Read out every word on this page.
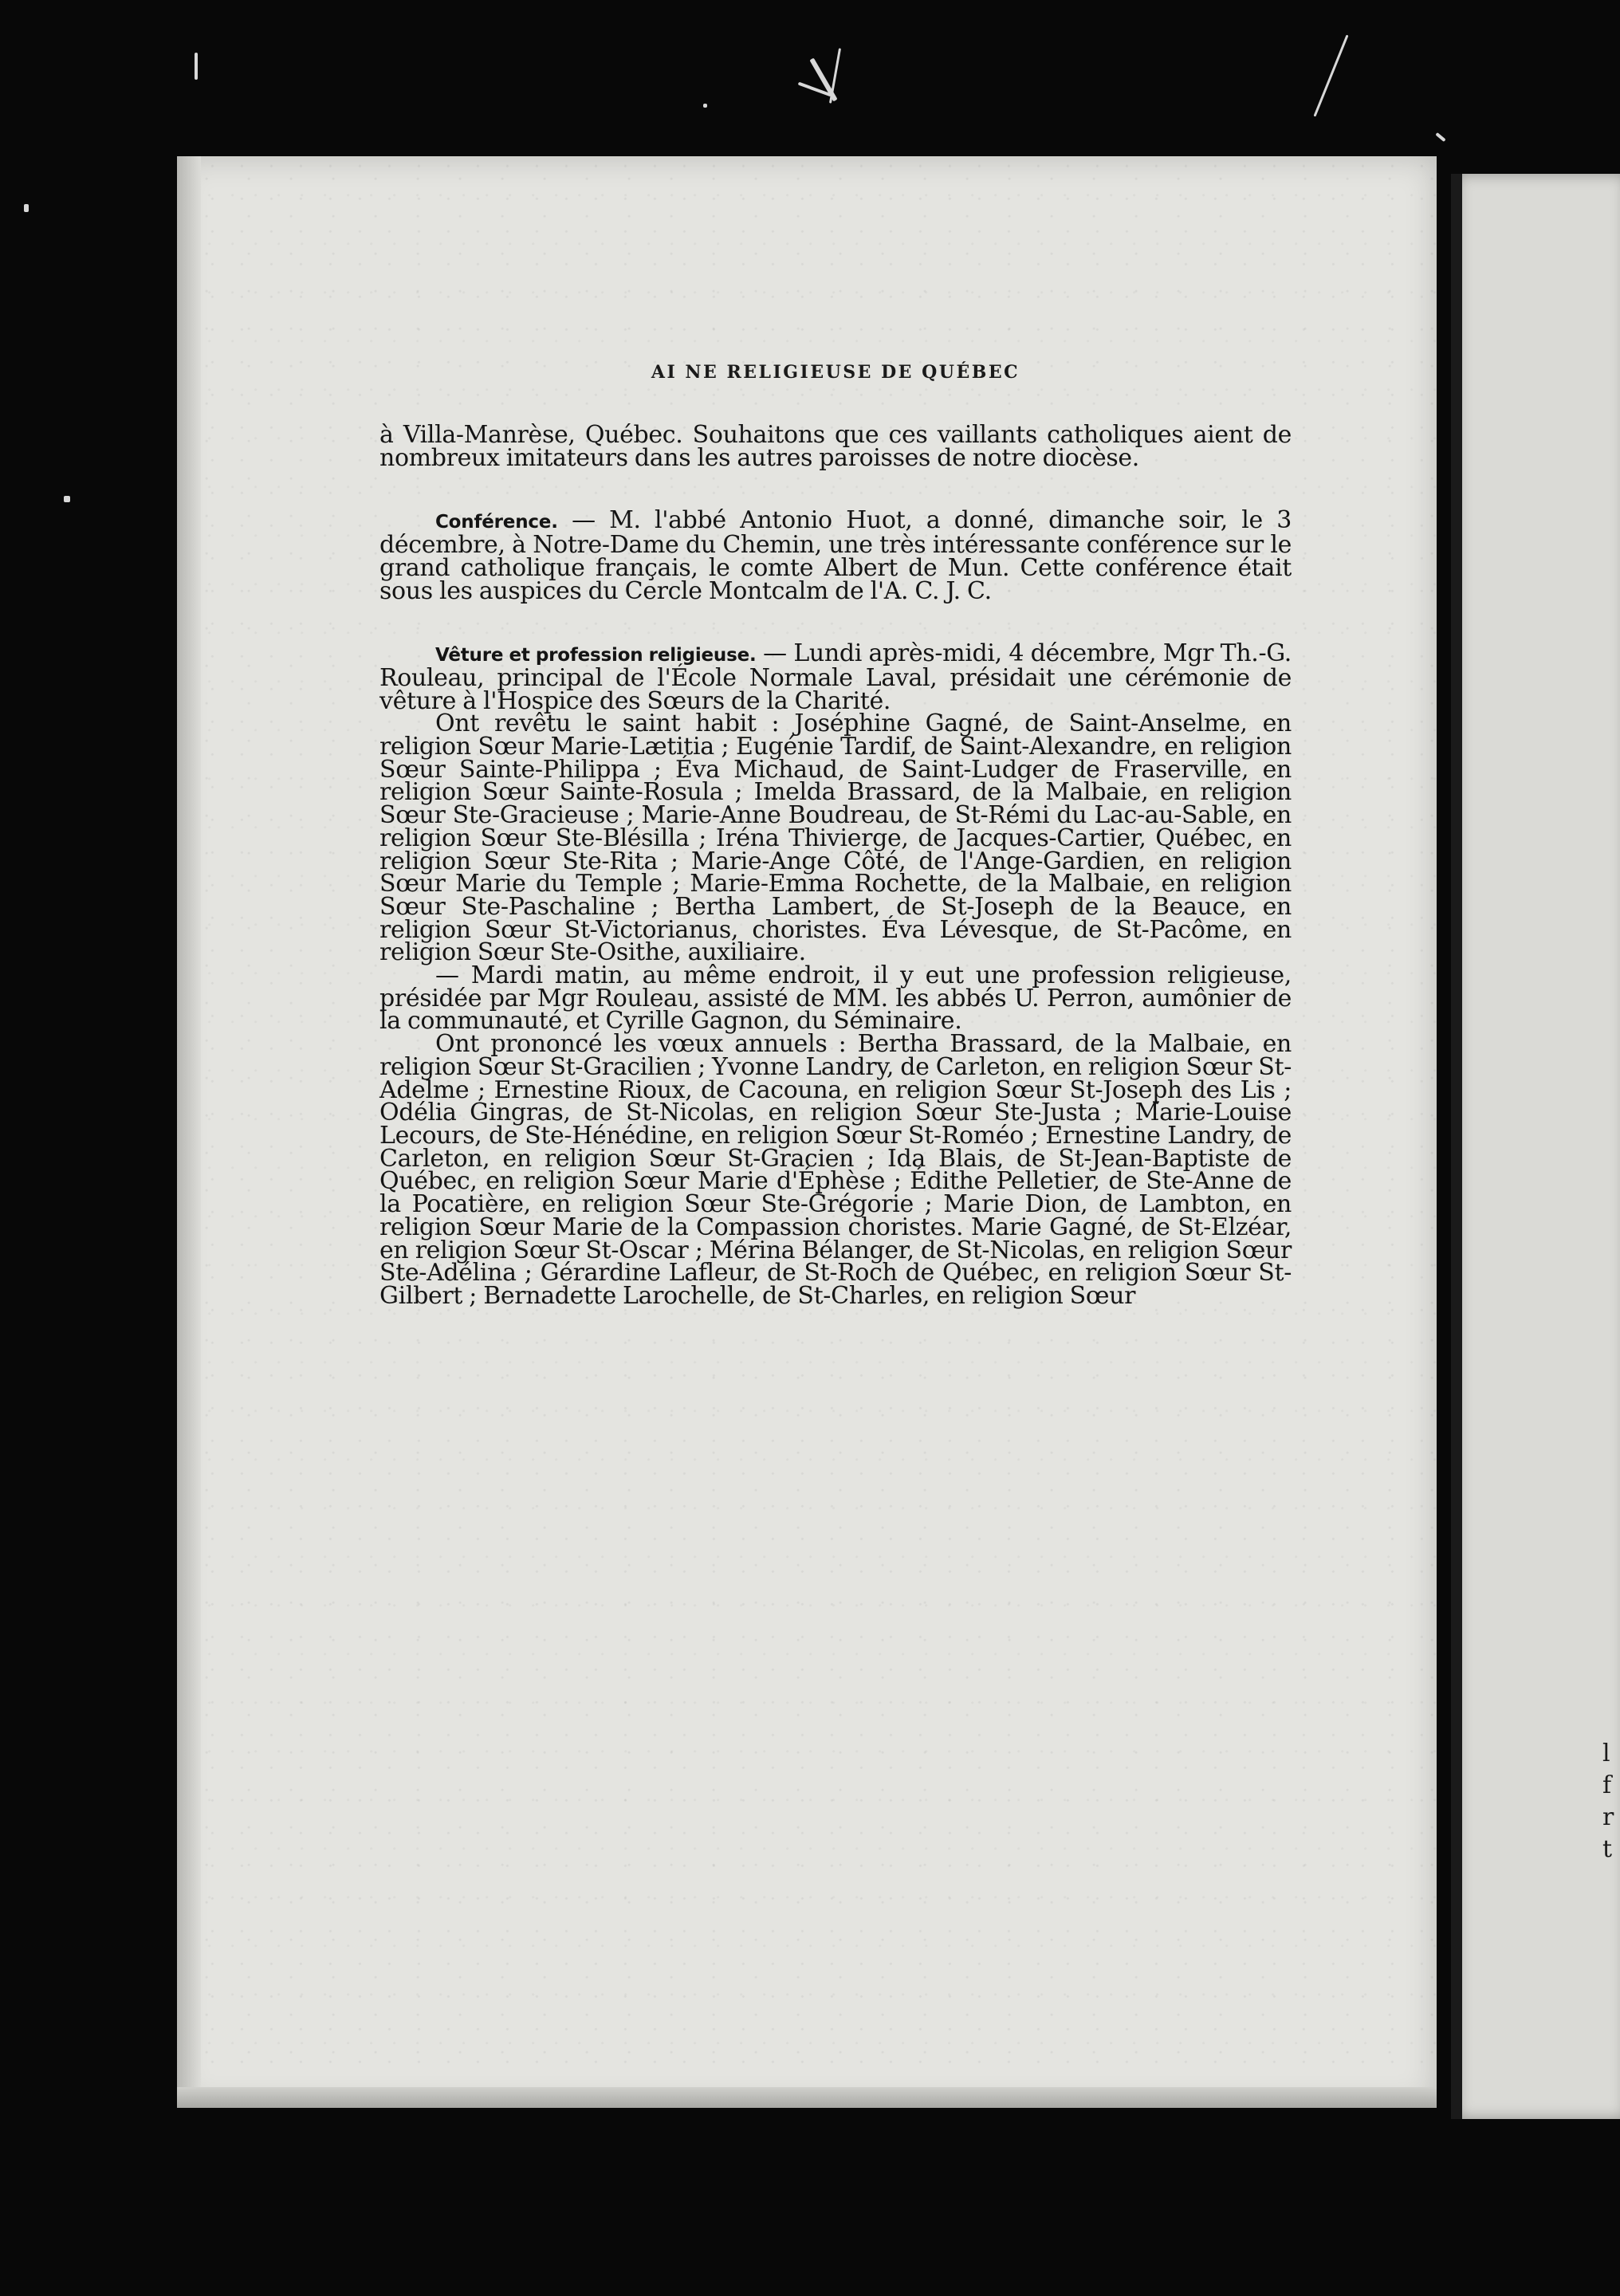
l
f
r
t
AI NE RELIGIEUSE DE QUÉBEC

à Villa-Manrèse, Québec. Souhaitons que ces vaillants catholiques aient de nombreux imitateurs dans les autres paroisses de notre diocèse.

Conférence. — M. l'abbé Antonio Huot, a donné, dimanche soir, le 3 décembre, à Notre-Dame du Chemin, une très intéressante conférence sur le grand catholique français, le comte Albert de Mun. Cette conférence était sous les auspices du Cercle Montcalm de l'A. C. J. C.

Vêture et profession religieuse. — Lundi après-midi, 4 décembre, Mgr Th.-G. Rouleau, principal de l'École Normale Laval, présidait une cérémonie de vêture à l'Hospice des Sœurs de la Charité.

Ont revêtu le saint habit : Joséphine Gagné, de Saint-Anselme, en religion Sœur Marie-Lætitia ; Eugénie Tardif, de Saint-Alexandre, en religion Sœur Sainte-Philippa ; Éva Michaud, de Saint-Ludger de Fraserville, en religion Sœur Sainte-Rosula ; Imelda Brassard, de la Malbaie, en religion Sœur Ste-Gracieuse ; Marie-Anne Boudreau, de St-Rémi du Lac-au-Sable, en religion Sœur Ste-Blésilla ; Iréna Thivierge, de Jacques-Cartier, Québec, en religion Sœur Ste-Rita ; Marie-Ange Côté, de l'Ange-Gardien, en religion Sœur Marie du Temple ; Marie-Emma Rochette, de la Malbaie, en religion Sœur Ste-Paschaline ; Bertha Lambert, de St-Joseph de la Beauce, en religion Sœur St-Victorianus, choristes. Éva Lévesque, de St-Pacôme, en religion Sœur Ste-Osithe, auxiliaire.

— Mardi matin, au même endroit, il y eut une profession religieuse, présidée par Mgr Rouleau, assisté de MM. les abbés U. Perron, aumônier de la communauté, et Cyrille Gagnon, du Séminaire.

Ont prononcé les vœux annuels : Bertha Brassard, de la Malbaie, en religion Sœur St-Gracilien ; Yvonne Landry, de Carleton, en religion Sœur St-Adelme ; Ernestine Rioux, de Cacouna, en religion Sœur St-Joseph des Lis ; Odélia Gingras, de St-Nicolas, en religion Sœur Ste-Justa ; Marie-Louise Lecours, de Ste-Hénédine, en religion Sœur St-Roméo ; Ernestine Landry, de Carleton, en religion Sœur St-Gracien ; Ida Blais, de St-Jean-Baptiste de Québec, en religion Sœur Marie d'Éphèse ; Édithe Pelletier, de Ste-Anne de la Pocatière, en religion Sœur Ste-Grégorie ; Marie Dion, de Lambton, en religion Sœur Marie de la Compassion choristes. Marie Gagné, de St-Elzéar, en religion Sœur St-Oscar ; Mérina Bélanger, de St-Nicolas, en religion Sœur Ste-Adélina ; Gérardine Lafleur, de St-Roch de Québec, en religion Sœur St-Gilbert ; Bernadette Larochelle, de St-Charles, en religion Sœur
